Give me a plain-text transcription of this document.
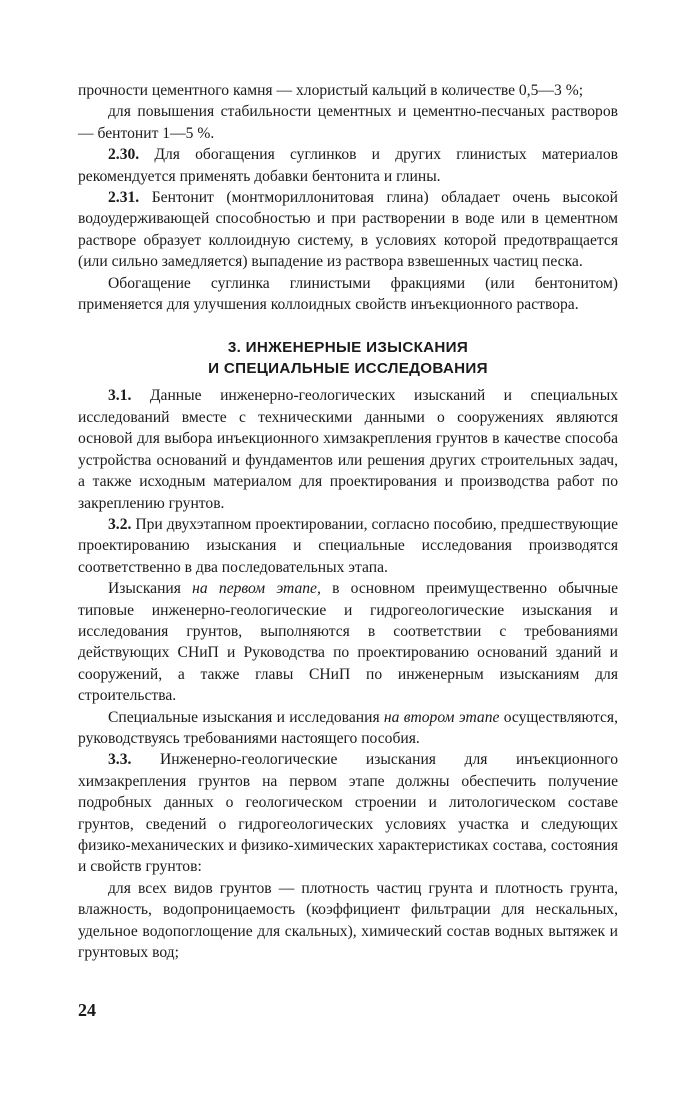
прочности цементного камня — хлористый кальций в количестве 0,5—3 %;

для повышения стабильности цементных и цементно-песчаных растворов — бентонит 1—5 %.

2.30. Для обогащения суглинков и других глинистых материалов рекомендуется применять добавки бентонита и глины.

2.31. Бентонит (монтмориллонитовая глина) обладает очень высокой водоудерживающей способностью и при растворении в воде или в цементном растворе образует коллоидную систему, в условиях которой предотвращается (или сильно замедляется) выпадение из раствора взвешенных частиц песка.

Обогащение суглинка глинистыми фракциями (или бентонитом) применяется для улучшения коллоидных свойств инъекционного раствора.

3. ИНЖЕНЕРНЫЕ ИЗЫСКАНИЯ
И СПЕЦИАЛЬНЫЕ ИССЛЕДОВАНИЯ

3.1. Данные инженерно-геологических изысканий и специальных исследований вместе с техническими данными о сооружениях являются основой для выбора инъекционного химзакрепления грунтов в качестве способа устройства оснований и фундаментов или решения других строительных задач, а также исходным материалом для проектирования и производства работ по закреплению грунтов.

3.2. При двухэтапном проектировании, согласно пособию, предшествующие проектированию изыскания и специальные исследования производятся соответственно в два последовательных этапа.

Изыскания на первом этапе, в основном преимущественно обычные типовые инженерно-геологические и гидрогеологические изыскания и исследования грунтов, выполняются в соответствии с требованиями действующих СНиП и Руководства по проектированию оснований зданий и сооружений, а также главы СНиП по инженерным изысканиям для строительства.

Специальные изыскания и исследования на втором этапе осуществляются, руководствуясь требованиями настоящего пособия.

3.3. Инженерно-геологические изыскания для инъекционного химзакрепления грунтов на первом этапе должны обеспечить получение подробных данных о геологическом строении и литологическом составе грунтов, сведений о гидрогеологических условиях участка и следующих физико-механических и физико-химических характеристиках состава, состояния и свойств грунтов:

для всех видов грунтов — плотность частиц грунта и плотность грунта, влажность, водопроницаемость (коэффициент фильтрации для нескальных, удельное водопоглощение для скальных), химический состав водных вытяжек и грунтовых вод;

24
